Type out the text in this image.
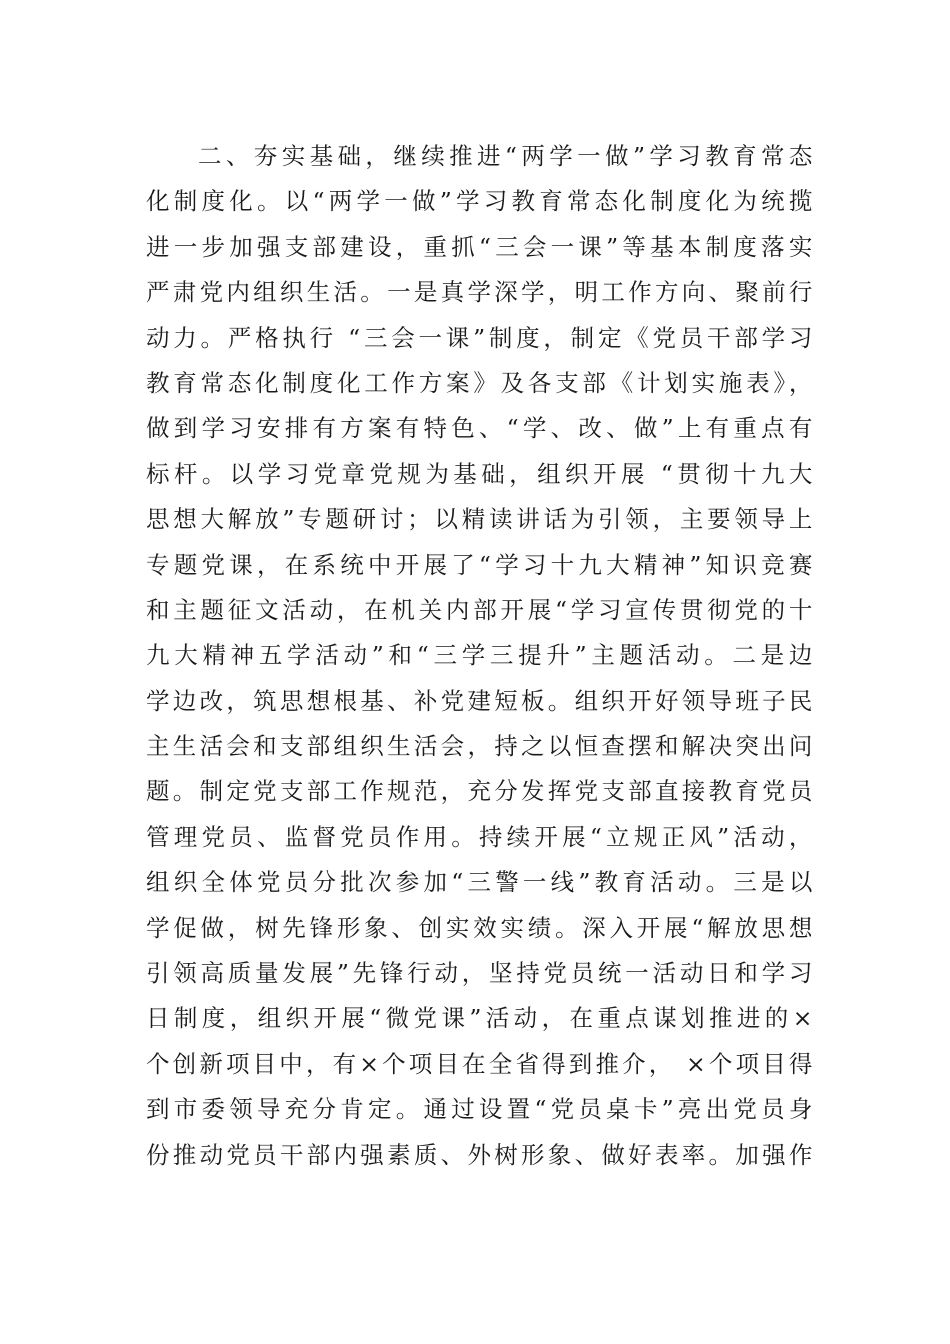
二、夯实基础，继续推进“两学一做”学习教育常态
化制度化。以“两学一做”学习教育常态化制度化为统揽
进一步加强支部建设，重抓“三会一课”等基本制度落实
严肃党内组织生活。一是真学深学，明工作方向、聚前行
动力。严格执行 “三会一课”制度，制定《党员干部学习
教育常态化制度化工作方案》及各支部《计划实施表》，
做到学习安排有方案有特色、“学、改、做”上有重点有
标杆。以学习党章党规为基础，组织开展 “贯彻十九大
思想大解放”专题研讨；以精读讲话为引领，主要领导上
专题党课，在系统中开展了“学习十九大精神”知识竞赛
和主题征文活动，在机关内部开展“学习宣传贯彻党的十
九大精神五学活动”和“三学三提升”主题活动。二是边
学边改，筑思想根基、补党建短板。组织开好领导班子民
主生活会和支部组织生活会，持之以恒查摆和解决突出问
题。制定党支部工作规范，充分发挥党支部直接教育党员
管理党员、监督党员作用。持续开展“立规正风”活动，
组织全体党员分批次参加“三警一线”教育活动。三是以
学促做，树先锋形象、创实效实绩。深入开展“解放思想
引领高质量发展”先锋行动，坚持党员统一活动日和学习
日制度，组织开展“微党课”活动，在重点谋划推进的×
个创新项目中，有×个项目在全省得到推介， ×个项目得
到市委领导充分肯定。通过设置“党员桌卡”亮出党员身
份推动党员干部内强素质、外树形象、做好表率。加强作
